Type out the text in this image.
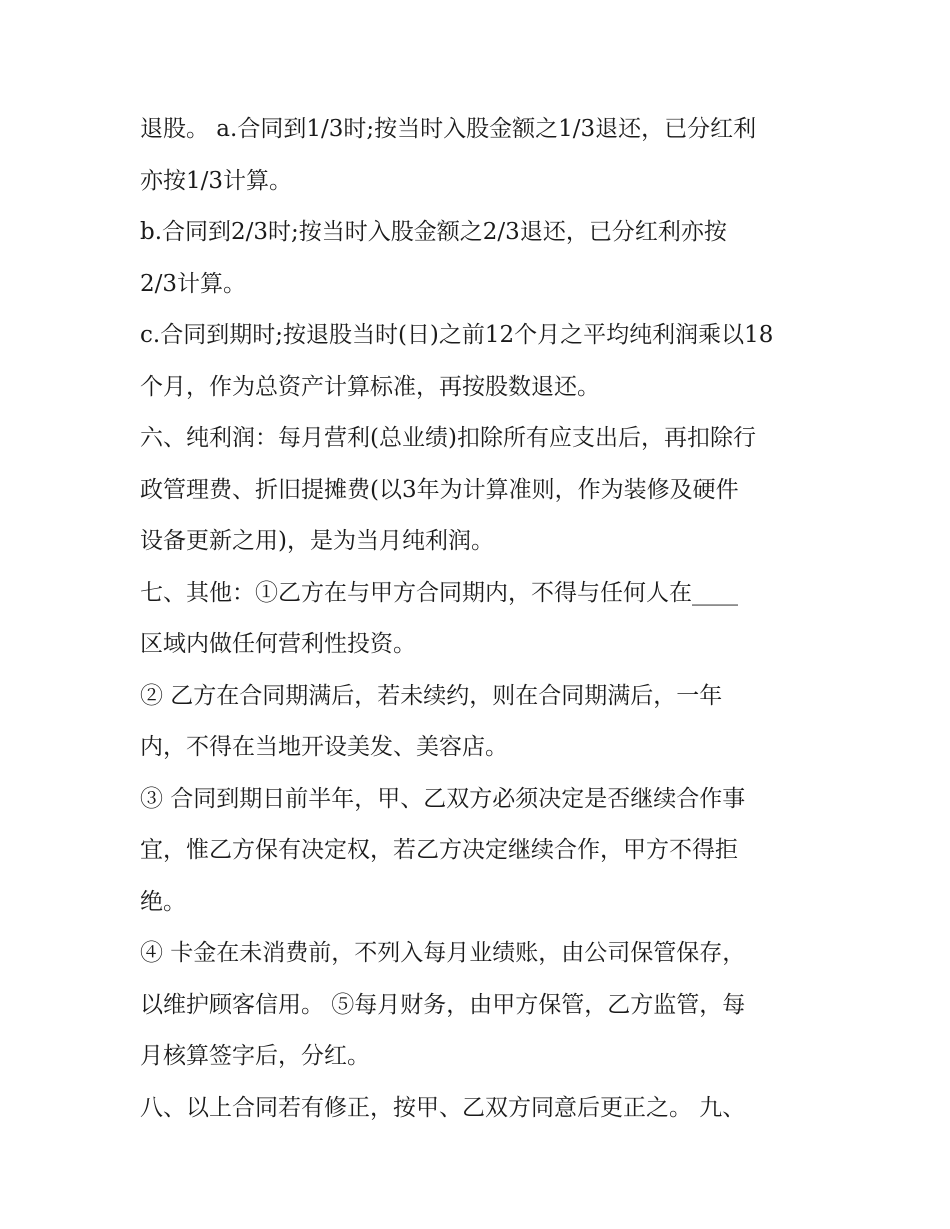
退股。 a.合同到1/3时;按当时入股金额之1/3退还，已分红利
亦按1/3计算。
b.合同到2/3时;按当时入股金额之2/3退还，已分红利亦按
2/3计算。
c.合同到期时;按退股当时(日)之前12个月之平均纯利润乘以18
个月，作为总资产计算标准，再按股数退还。
六、纯利润：每月营利(总业绩)扣除所有应支出后，再扣除行
政管理费、折旧提摊费(以3年为计算准则，作为装修及硬件
设备更新之用)，是为当月纯利润。
七、其他：①乙方在与甲方合同期内，不得与任何人在____
区域内做任何营利性投资。
② 乙方在合同期满后，若未续约，则在合同期满后，一年
内，不得在当地开设美发、美容店。
③ 合同到期日前半年，甲、乙双方必须决定是否继续合作事
宜，惟乙方保有决定权，若乙方决定继续合作，甲方不得拒
绝。
④ 卡金在未消费前，不列入每月业绩账，由公司保管保存，
以维护顾客信用。 ⑤每月财务，由甲方保管，乙方监管，每
月核算签字后，分红。
八、以上合同若有修正，按甲、乙双方同意后更正之。 九、
